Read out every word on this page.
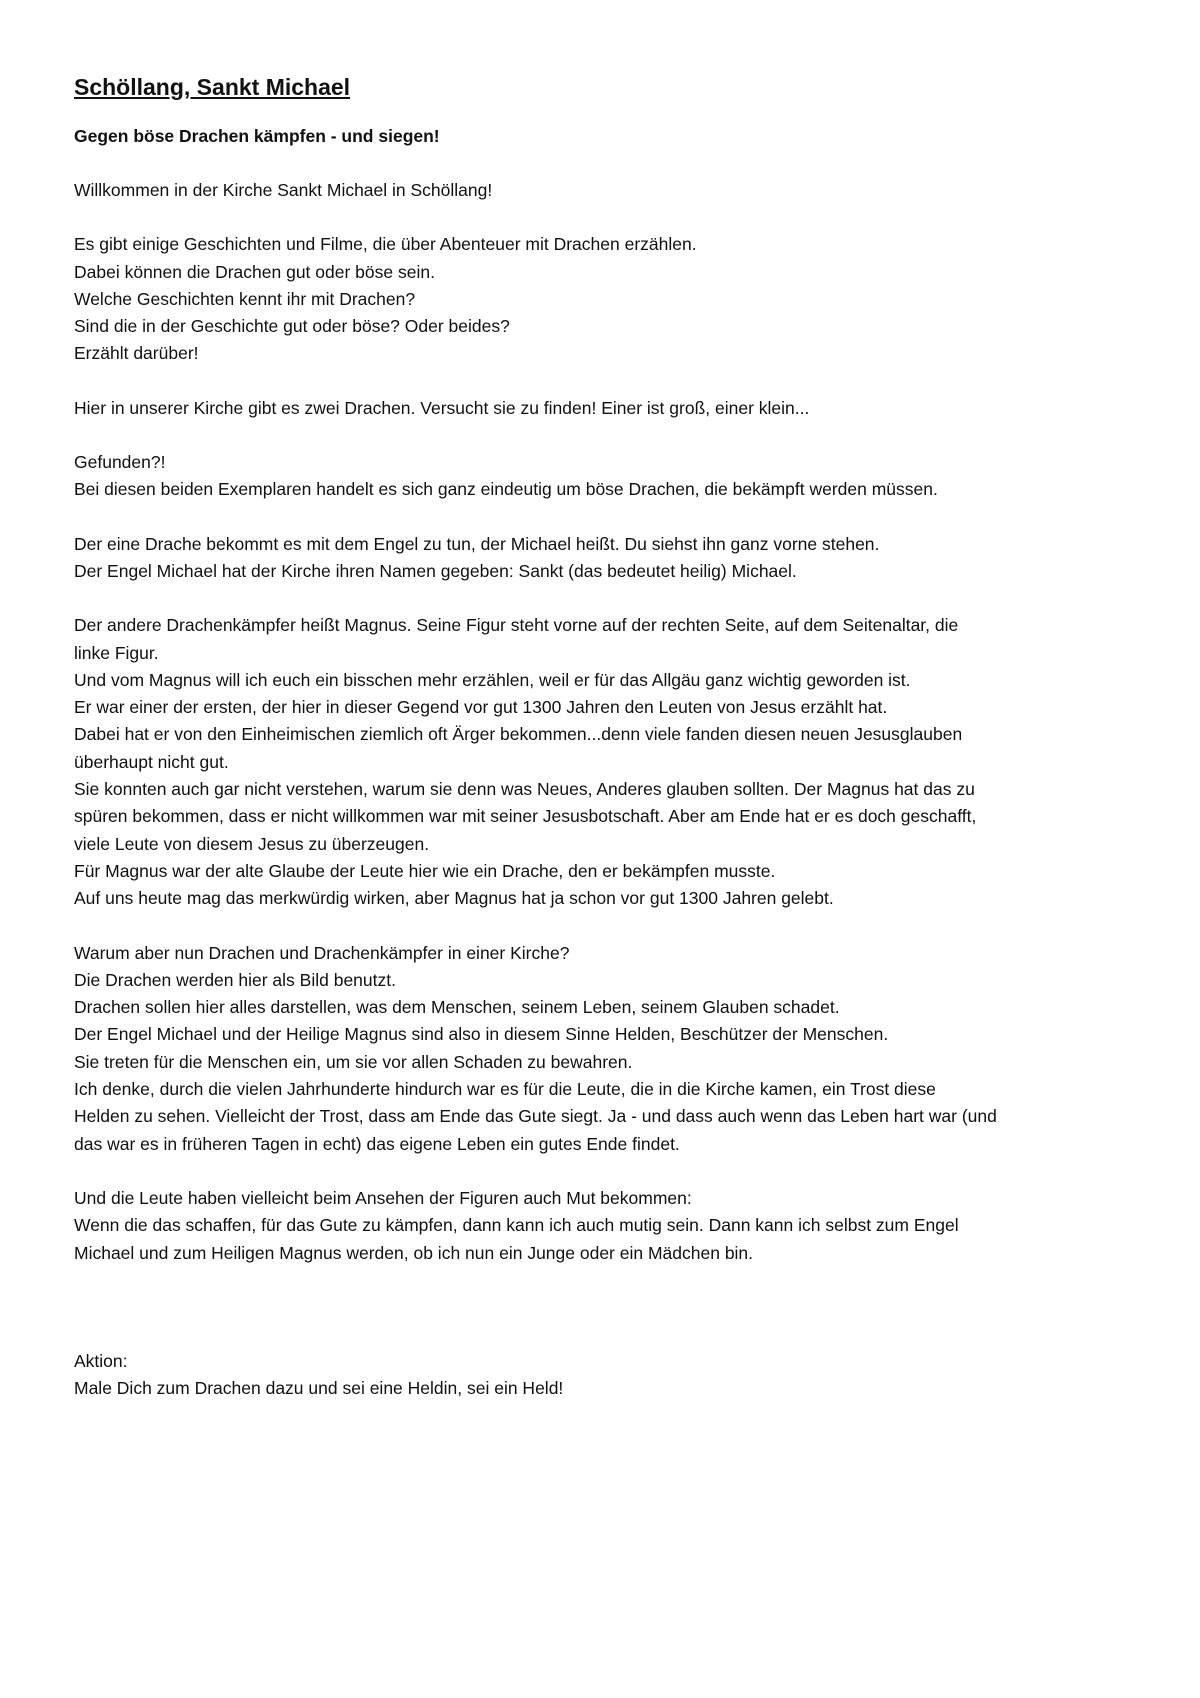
Schöllang, Sankt Michael
Gegen böse Drachen kämpfen - und siegen!
Willkommen in der Kirche Sankt Michael in Schöllang!
Es gibt einige Geschichten und Filme, die über Abenteuer mit Drachen erzählen.
Dabei können die Drachen gut oder böse sein.
Welche Geschichten kennt ihr mit Drachen?
Sind die in der Geschichte gut oder böse? Oder beides?
Erzählt darüber!
Hier in unserer Kirche gibt es zwei Drachen. Versucht sie zu finden! Einer ist groß, einer klein...
Gefunden?!
Bei diesen beiden Exemplaren handelt es sich ganz eindeutig um böse Drachen, die bekämpft werden müssen.
Der eine Drache bekommt es mit dem Engel zu tun, der Michael heißt. Du siehst ihn ganz vorne stehen.
Der Engel Michael hat der Kirche ihren Namen gegeben: Sankt (das bedeutet heilig) Michael.
Der andere Drachenkämpfer heißt Magnus. Seine Figur steht vorne auf der rechten Seite, auf dem Seitenaltar, die
linke Figur.
Und vom Magnus will ich euch ein bisschen mehr erzählen, weil er für das Allgäu ganz wichtig geworden ist.
Er war einer der ersten, der hier in dieser Gegend vor gut 1300 Jahren den Leuten von Jesus erzählt hat.
Dabei hat er von den Einheimischen ziemlich oft Ärger bekommen...denn viele fanden diesen neuen Jesusglauben
überhaupt nicht gut.
Sie konnten auch gar nicht verstehen, warum sie denn was Neues, Anderes glauben sollten. Der Magnus hat das zu
spüren bekommen, dass er nicht willkommen war mit seiner Jesusbotschaft. Aber am Ende hat er es doch geschafft,
viele Leute von diesem Jesus zu überzeugen.
Für Magnus war der alte Glaube der Leute hier wie ein Drache, den er bekämpfen musste.
Auf uns heute mag das merkwürdig wirken, aber Magnus hat ja schon vor gut 1300 Jahren gelebt.
Warum aber nun Drachen und Drachenkämpfer in einer Kirche?
Die Drachen werden hier als Bild benutzt.
Drachen sollen hier alles darstellen, was dem Menschen, seinem Leben, seinem Glauben schadet.
Der Engel Michael und der Heilige Magnus sind also in diesem Sinne Helden, Beschützer der Menschen.
Sie treten für die Menschen ein, um sie vor allen Schaden zu bewahren.
Ich denke, durch die vielen Jahrhunderte hindurch war es für die Leute, die in die Kirche kamen, ein Trost diese
Helden zu sehen. Vielleicht der Trost, dass am Ende das Gute siegt. Ja - und dass auch wenn das Leben hart war (und
das war es in früheren Tagen in echt) das eigene Leben ein gutes Ende findet.
Und die Leute haben vielleicht beim Ansehen der Figuren auch Mut bekommen:
Wenn die das schaffen, für das Gute zu kämpfen, dann kann ich auch mutig sein. Dann kann ich selbst zum Engel
Michael und zum Heiligen Magnus werden, ob ich nun ein Junge oder ein Mädchen bin.
Aktion:
Male Dich zum Drachen dazu und sei eine Heldin, sei ein Held!
